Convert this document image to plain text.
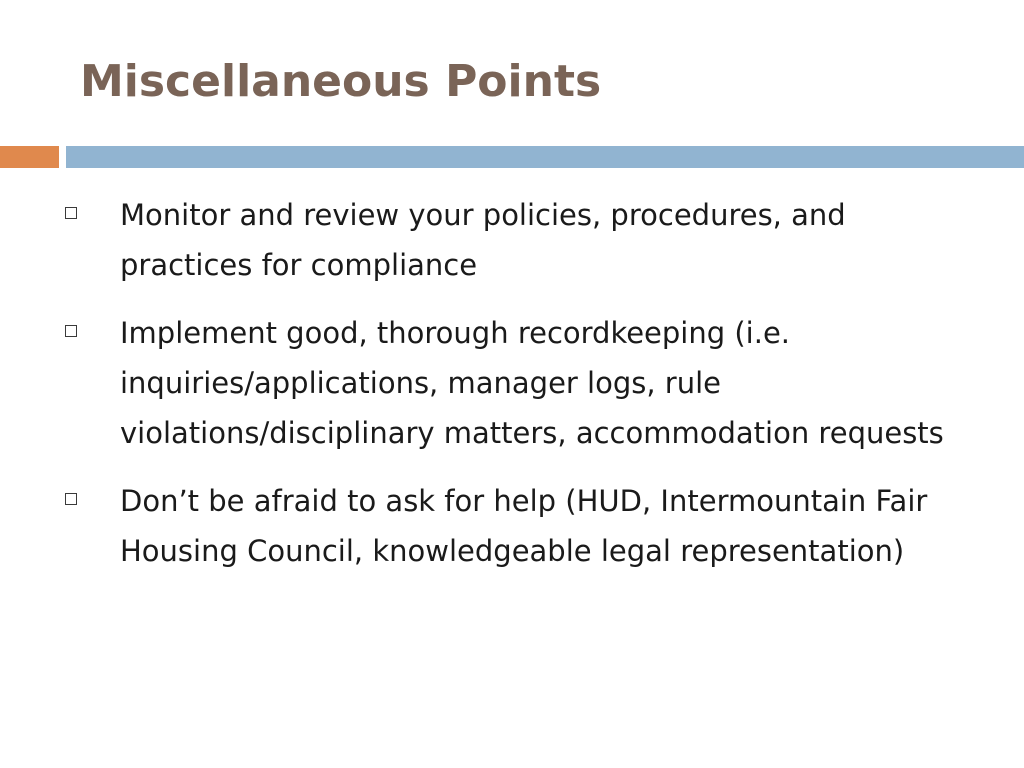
Miscellaneous Points
Monitor and review your policies, procedures, and practices for compliance
Implement good, thorough recordkeeping (i.e. inquiries/applications, manager logs, rule violations/disciplinary matters, accommodation requests
Don’t be afraid to ask for help (HUD, Intermountain Fair Housing Council, knowledgeable legal representation)
